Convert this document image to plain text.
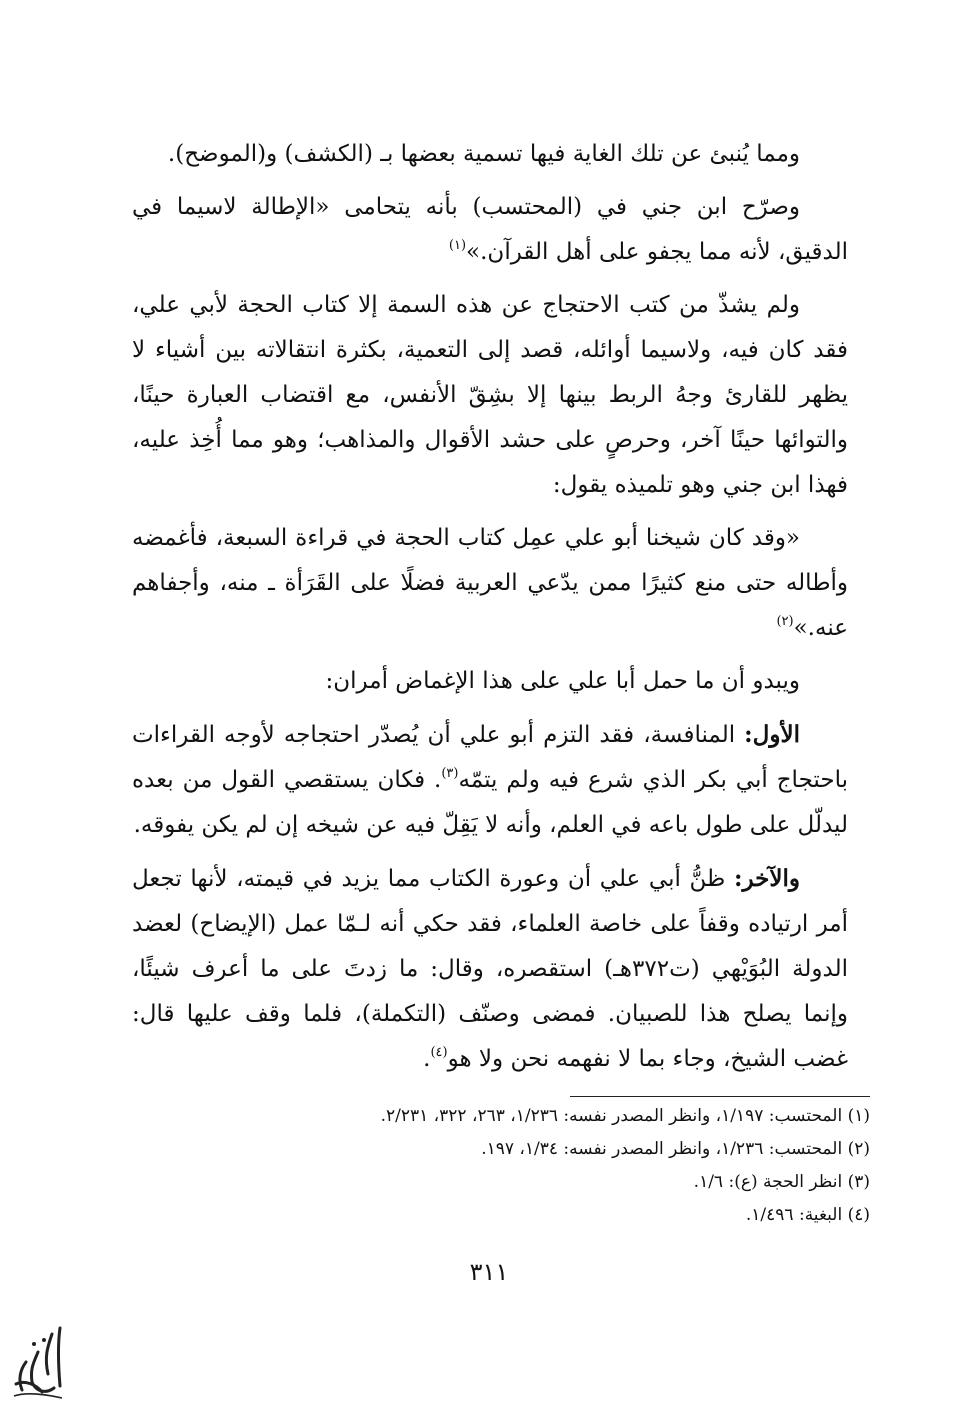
ومما يُنبئ عن تلك الغاية فيها تسمية بعضها بـ (الكشف) و(الموضح).

وصرّح ابن جني في (المحتسب) بأنه يتحامى «الإطالة لاسيما في الدقيق، لأنه مما يجفو على أهل القرآن.»$^{(١)}$

ولم يشذّ من كتب الاحتجاج عن هذه السمة إلا كتاب الحجة لأبي علي، فقد كان فيه، ولاسيما أوائله، قصد إلى التعمية، بكثرة انتقالاته بين أشياء لا يظهر للقارئ وجهُ الربط بينها إلا بشِقّ الأنفس، مع اقتضاب العبارة حينًا، والتوائها حينًا آخر، وحرصٍ على حشد الأقوال والمذاهب؛ وهو مما أُخِذ عليه، فهذا ابن جني وهو تلميذه يقول:

«وقد كان شيخنا أبو علي عمِل كتاب الحجة في قراءة السبعة، فأغمضه وأطاله حتى منع كثيرًا ممن يدّعي العربية فضلًا على القَرَأة ـ منه، وأجفاهم عنه.»$^{(٢)}$

ويبدو أن ما حمل أبا علي على هذا الإغماض أمران:

الأول: المنافسة، فقد التزم أبو علي أن يُصدّر احتجاجه لأوجه القراءات باحتجاج أبي بكر الذي شرع فيه ولم يتمّه$^{(٣)}$. فكان يستقصي القول من بعده ليدلّل على طول باعه في العلم، وأنه لا يَقِلّ فيه عن شيخه إن لم يكن يفوقه.

والآخر: ظنُّ أبي علي أن وعورة الكتاب مما يزيد في قيمته، لأنها تجعل أمر ارتياده وقفاً على خاصة العلماء، فقد حكي أنه لـمّا عمل (الإيضاح) لعضد الدولة البُوَيْهي (ت٣٧٢هـ) استقصره، وقال: ما زدتَ على ما أعرف شيئًا، وإنما يصلح هذا للصبيان. فمضى وصنّف (التكملة)، فلما وقف عليها قال: غضب الشيخ، وجاء بما لا نفهمه نحن ولا هو$^{(٤)}$.

(١) المحتسب: ١/١٩٧، وانظر المصدر نفسه: ١/٢٣٦، ٢٦٣، ٣٢٢، ٢/٢٣١.

(٢) المحتسب: ١/٢٣٦، وانظر المصدر نفسه: ١/٣٤، ١٩٧.

(٣) انظر الحجة (ع): ١/٦.

(٤) البغية: ١/٤٩٦.

٣١١
